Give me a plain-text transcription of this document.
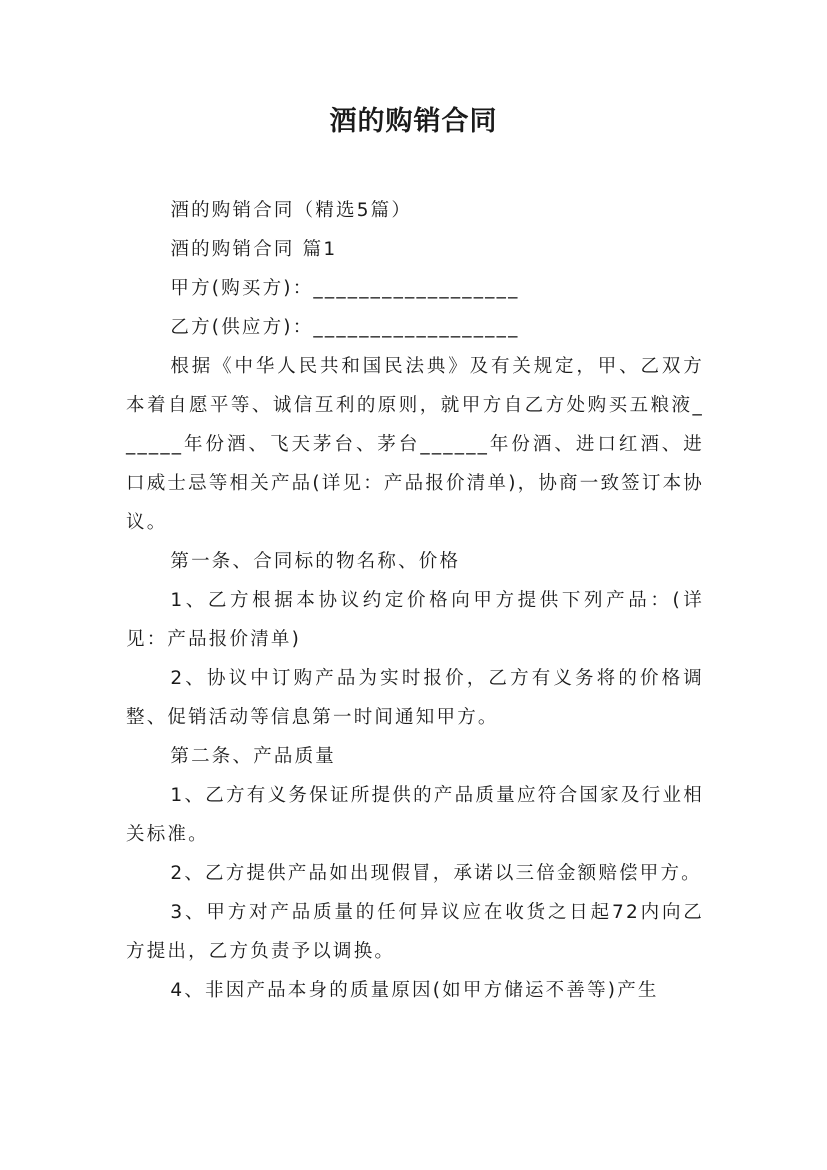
酒的购销合同

酒的购销合同（精选5篇）

酒的购销合同 篇1

甲方(购买方)：__________________

乙方(供应方)：__________________

根据《中华人民共和国民法典》及有关规定，甲、乙双方本着自愿平等、诚信互利的原则，就甲方自乙方处购买五粮液______年份酒、飞天茅台、茅台______年份酒、进口红酒、进口威士忌等相关产品(详见：产品报价清单)，协商一致签订本协议。

第一条、合同标的物名称、价格

1、乙方根据本协议约定价格向甲方提供下列产品：(详见：产品报价清单)

2、协议中订购产品为实时报价，乙方有义务将的价格调整、促销活动等信息第一时间通知甲方。

第二条、产品质量

1、乙方有义务保证所提供的产品质量应符合国家及行业相关标准。

2、乙方提供产品如出现假冒，承诺以三倍金额赔偿甲方。

3、甲方对产品质量的任何异议应在收货之日起72内向乙方提出，乙方负责予以调换。

4、非因产品本身的质量原因(如甲方储运不善等)产生
